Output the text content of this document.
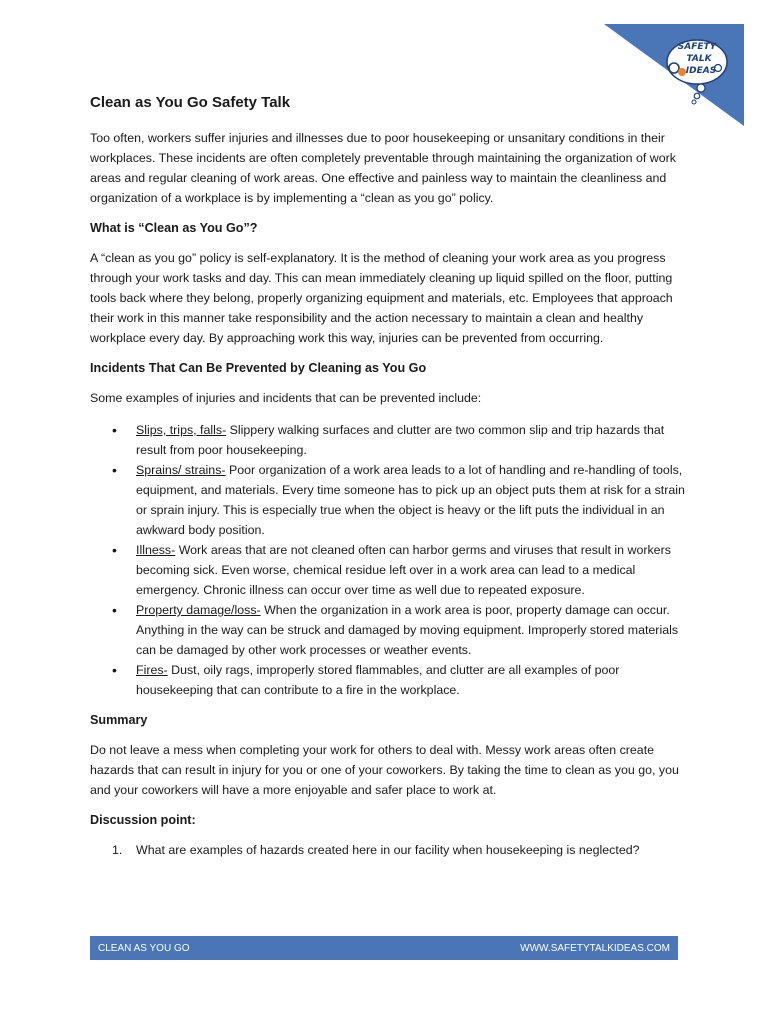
SAFETY
TALK
IDEAS
Clean as You Go Safety Talk

Too often, workers suffer injuries and illnesses due to poor housekeeping or unsanitary conditions in their workplaces. These incidents are often completely preventable through maintaining the organization of work areas and regular cleaning of work areas. One effective and painless way to maintain the cleanliness and organization of a workplace is by implementing a “clean as you go” policy.

What is “Clean as You Go”?

A “clean as you go” policy is self-explanatory. It is the method of cleaning your work area as you progress through your work tasks and day. This can mean immediately cleaning up liquid spilled on the floor, putting tools back where they belong, properly organizing equipment and materials, etc. Employees that approach their work in this manner take responsibility and the action necessary to maintain a clean and healthy workplace every day. By approaching work this way, injuries can be prevented from occurring.

Incidents That Can Be Prevented by Cleaning as You Go

Some examples of injuries and incidents that can be prevented include:

• Slips, trips, falls- Slippery walking surfaces and clutter are two common slip and trip hazards that result from poor housekeeping.
• Sprains/ strains- Poor organization of a work area leads to a lot of handling and re-handling of tools, equipment, and materials. Every time someone has to pick up an object puts them at risk for a strain or sprain injury. This is especially true when the object is heavy or the lift puts the individual in an awkward body position.
• Illness- Work areas that are not cleaned often can harbor germs and viruses that result in workers becoming sick. Even worse, chemical residue left over in a work area can lead to a medical emergency. Chronic illness can occur over time as well due to repeated exposure.
• Property damage/loss- When the organization in a work area is poor, property damage can occur. Anything in the way can be struck and damaged by moving equipment. Improperly stored materials can be damaged by other work processes or weather events.
• Fires- Dust, oily rags, improperly stored flammables, and clutter are all examples of poor housekeeping that can contribute to a fire in the workplace.
Summary

Do not leave a mess when completing your work for others to deal with. Messy work areas often create hazards that can result in injury for you or one of your coworkers. By taking the time to clean as you go, you and your coworkers will have a more enjoyable and safer place to work at.

Discussion point:
1. What are examples of hazards created here in our facility when housekeeping is neglected?
CLEAN AS YOU GO	WWW.SAFETYTALKIDEAS.COM
